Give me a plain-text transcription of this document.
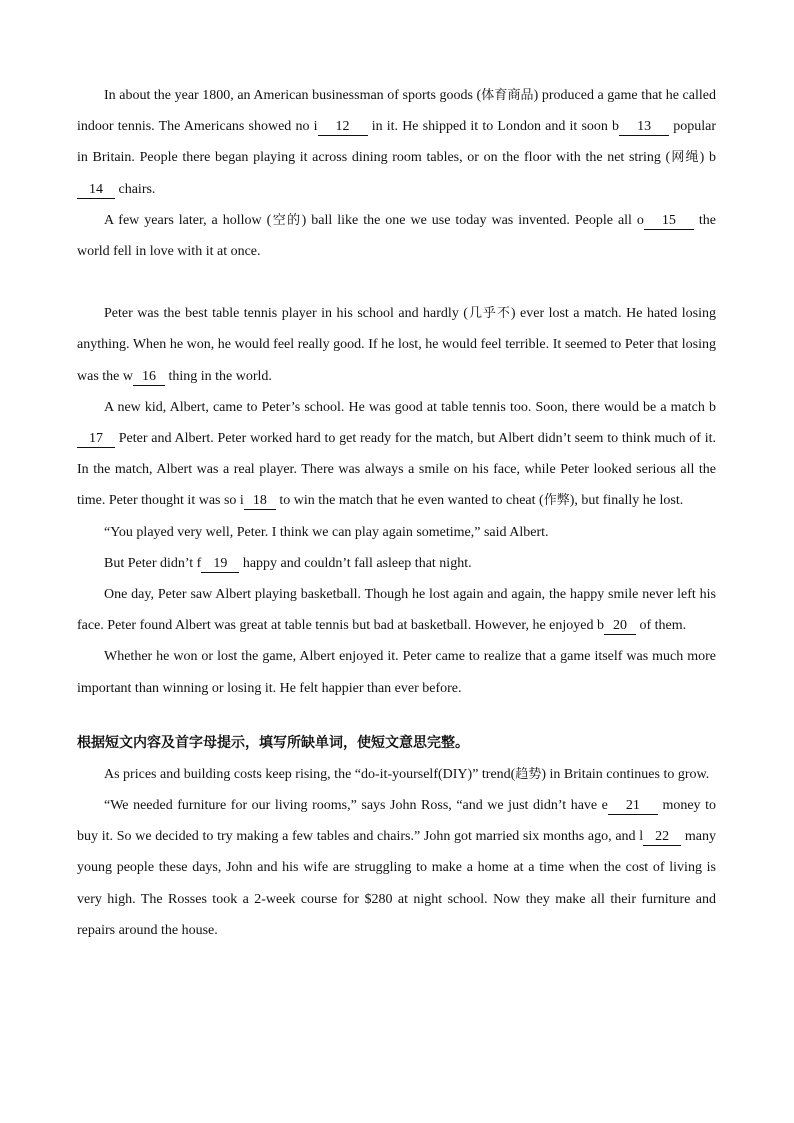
In about the year 1800, an American businessman of sports goods (体育商品) produced a game that he called indoor tennis. The Americans showed no i 12 in it. He shipped it to London and it soon b 13 popular in Britain. People there began playing it across dining room tables, or on the floor with the net string (网绳) b14 chairs.

A few years later, a hollow (空的) ball like the one we use today was invented. People all o 15 the world fell in love with it at once.

Peter was the best table tennis player in his school and hardly (几乎不) ever lost a match. He hated losing anything. When he won, he would feel really good. If he lost, he would feel terrible. It seemed to Peter that losing was the w 16 thing in the world.

A new kid, Albert, came to Peter’s school. He was good at table tennis too. Soon, there would be a match b17 Peter and Albert. Peter worked hard to get ready for the match, but Albert didn’t seem to think much of it. In the match, Albert was a real player. There was always a smile on his face, while Peter looked serious all the time. Peter thought it was so i 18 to win the match that he even wanted to cheat (作弊), but finally he lost.

“You played very well, Peter. I think we can play again sometime,” said Albert.

But Peter didn’t f 19 happy and couldn’t fall asleep that night.

One day, Peter saw Albert playing basketball. Though he lost again and again, the happy smile never left his face. Peter found Albert was great at table tennis but bad at basketball. However, he enjoyed b 20 of them.

Whether he won or lost the game, Albert enjoyed it. Peter came to realize that a game itself was much more important than winning or losing it. He felt happier than ever before.

根据短文内容及首字母提示，填写所缺单词，使短文意思完整。

As prices and building costs keep rising, the “do-it-yourself(DIY)” trend(趋势) in Britain continues to grow.

“We needed furniture for our living rooms,” says John Ross, “and we just didn’t have e 21 money to buy it. So we decided to try making a few tables and chairs.” John got married six months ago, and l 22 many young people these days, John and his wife are struggling to make a home at a time when the cost of living is very high. The Rosses took a 2-week course for $280 at night school. Now they make all their furniture and repairs around the house.
